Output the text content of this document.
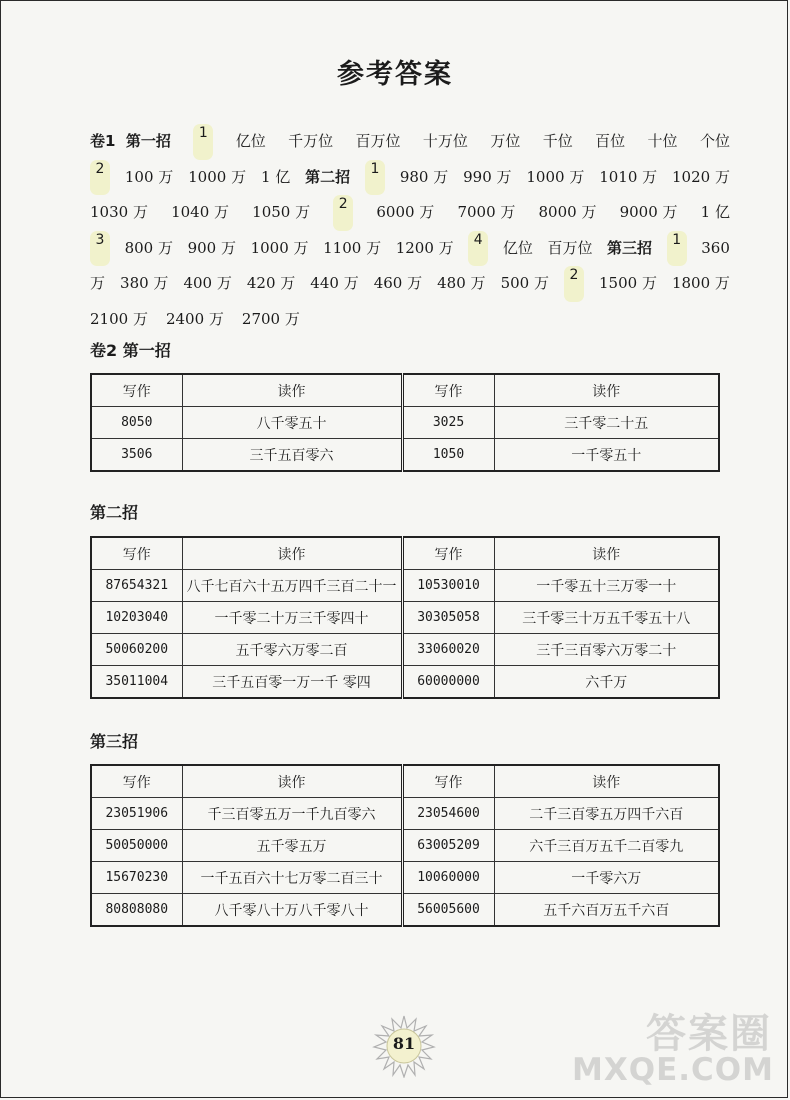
参考答案
卷1 第一招	1	亿位 千万位 百万位 十万位 万位 千位 百位 十位 个位
2	100 万 1000 万 1 亿 第二招	1	980 万 990 万 1000 万 1010 万 1020 万
1030 万 1040 万 1050 万	2	6000 万 7000 万 8000 万 9000 万 1 亿
3	800 万 900 万 1000 万 1100 万 1200 万	4	亿位 百万位 第三招	1	360
万 380 万 400 万 420 万 440 万 460 万 480 万 500 万	2	1500 万 1800 万
2100 万 2400 万 2700 万
卷2 第一招
写作	读作	写作	读作
8050	八千零五十	3025	三千零二十五
3506	三千五百零六	1050	一千零五十
第二招
写作	读作	写作	读作
87654321	八千七百六十五万四千三百二十一	10530010	一千零五十三万零一十
10203040	一千零二十万三千零四十	30305058	三千零三十万五千零五十八
50060200	五千零六万零二百	33060020	三千三百零六万零二十
35011004	三千五百零一万一千 零四	60000000	六千万
第三招
写作	读作	写作	读作
23051906	千三百零五万一千九百零六	23054600	二千三百零五万四千六百
50050000	五千零五万	63005209	六千三百万五千二百零九
15670230	一千五百六十七万零二百三十	10060000	一千零六万
80808080	八千零八十万八千零八十	56005600	五千六百万五千六百
81	答案圈
MXQE.COM
